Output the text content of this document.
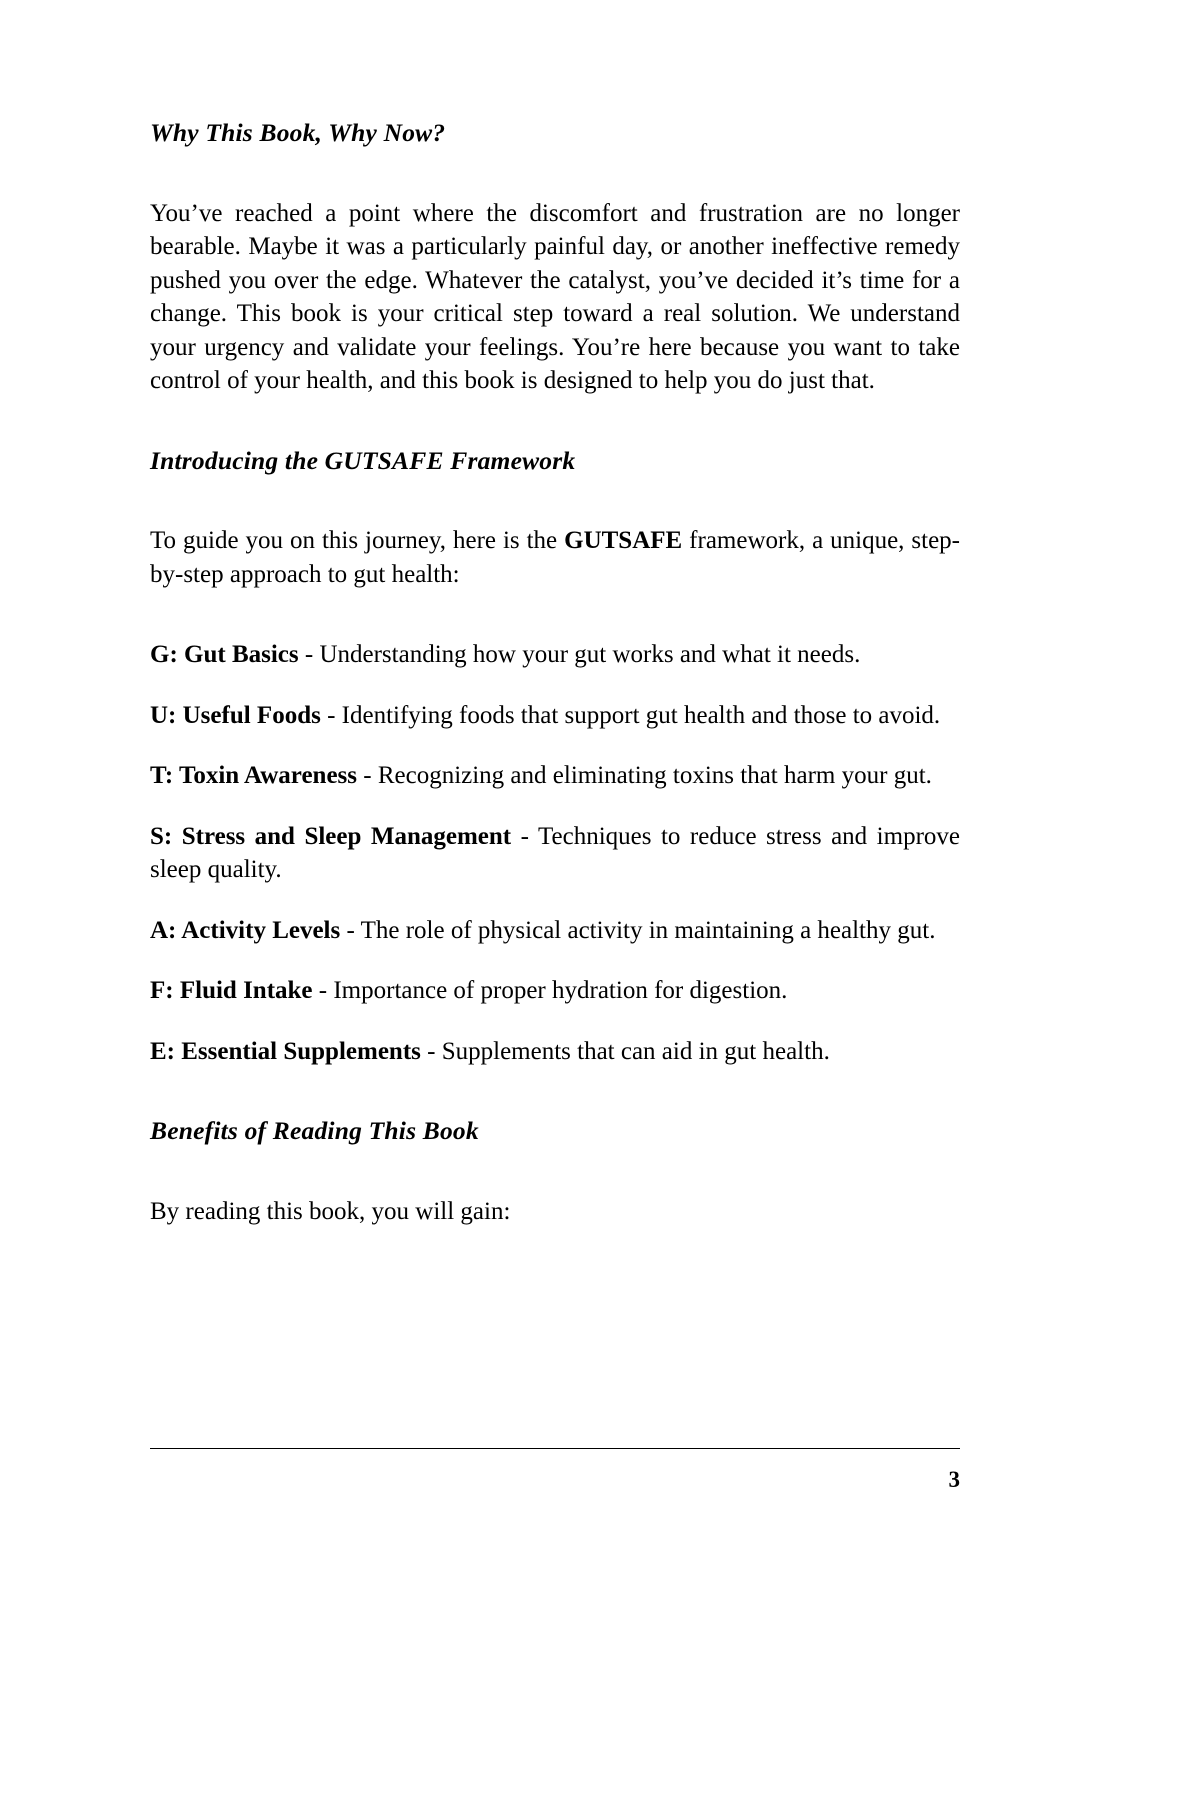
Why This Book, Why Now?

You’ve reached a point where the discomfort and frustration are no longer bearable. Maybe it was a particularly painful day, or another ineffective remedy pushed you over the edge. Whatever the catalyst, you’ve decided it’s time for a change. This book is your critical step toward a real solution. We understand your urgency and validate your feelings. You’re here because you want to take control of your health, and this book is designed to help you do just that.

Introducing the GUTSAFE Framework

To guide you on this journey, here is the GUTSAFE framework, a unique, step-by-step approach to gut health:

G: Gut Basics - Understanding how your gut works and what it needs.

U: Useful Foods - Identifying foods that support gut health and those to avoid.

T: Toxin Awareness - Recognizing and eliminating toxins that harm your gut.

S: Stress and Sleep Management - Techniques to reduce stress and improve sleep quality.

A: Activity Levels - The role of physical activity in maintaining a healthy gut.

F: Fluid Intake - Importance of proper hydration for digestion.

E: Essential Supplements - Supplements that can aid in gut health.

Benefits of Reading This Book

By reading this book, you will gain:

3
